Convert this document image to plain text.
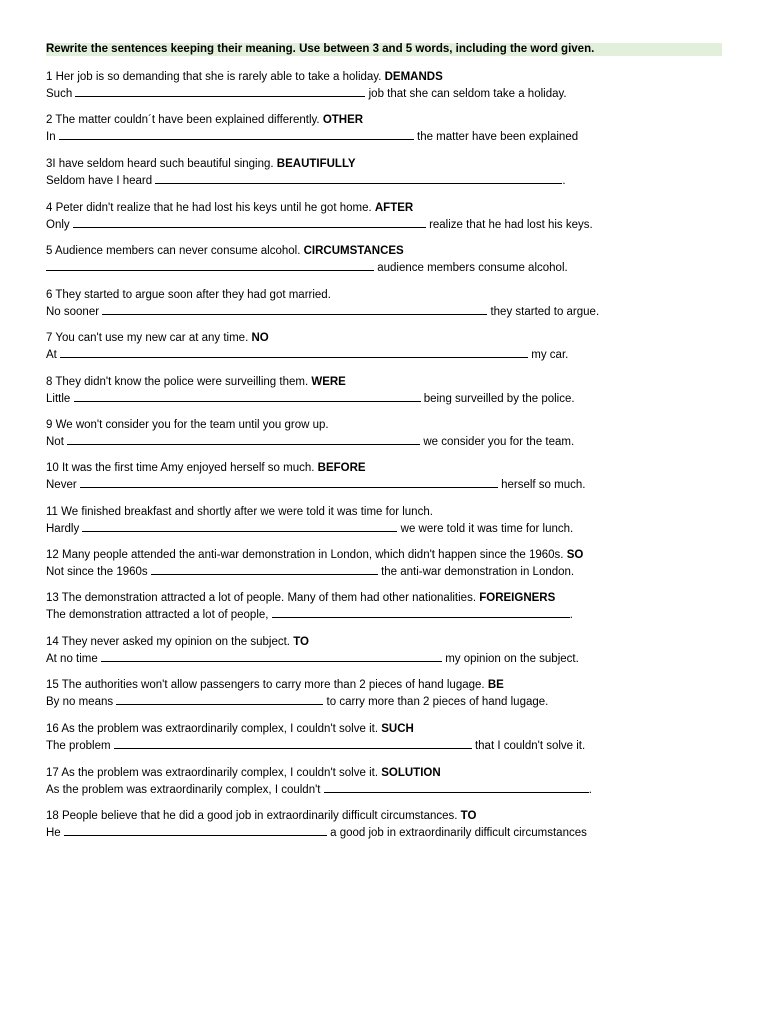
Rewrite the sentences keeping their meaning. Use between 3 and 5 words, including the word given.
1 Her job is so demanding that she is rarely able to take a holiday. DEMANDS
Such	job that she can seldom take a holiday.
2 The matter couldn´t have been explained differently. OTHER
In	the matter have been explained
3I have seldom heard such beautiful singing. BEAUTIFULLY
Seldom have I heard	.
4 Peter didn't realize that he had lost his keys until he got home. AFTER
Only	realize that he had lost his keys.
5 Audience members can never consume alcohol. CIRCUMSTANCES
audience members consume alcohol.
6 They started to argue soon after they had got married.
No sooner	they started to argue.
7 You can't use my new car at any time. NO
At	my car.
8 They didn't know the police were surveilling them. WERE
Little	being surveilled by the police.
9 We won't consider you for the team until you grow up.
Not	we consider you for the team.
10 It was the first time Amy enjoyed herself so much. BEFORE
Never	herself so much.
11 We finished breakfast and shortly after we were told it was time for lunch.
Hardly	we were told it was time for lunch.
12 Many people attended the anti-war demonstration in London, which didn't happen since the 1960s. SO
Not since the 1960s	the anti-war demonstration in London.
13 The demonstration attracted a lot of people. Many of them had other nationalities. FOREIGNERS
The demonstration attracted a lot of people,	.
14 They never asked my opinion on the subject. TO
At no time	my opinion on the subject.
15 The authorities won't allow passengers to carry more than 2 pieces of hand lugage. BE
By no means	to carry more than 2 pieces of hand lugage.
16 As the problem was extraordinarily complex, I couldn't solve it. SUCH
The problem	that I couldn't solve it.
17 As the problem was extraordinarily complex, I couldn't solve it. SOLUTION
As the problem was extraordinarily complex, I couldn't	.
18 People believe that he did a good job in extraordinarily difficult circumstances. TO
He	a good job in extraordinarily difficult circumstances
